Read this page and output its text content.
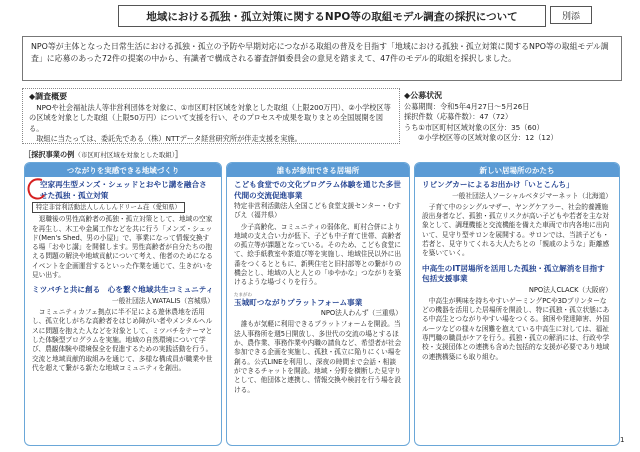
地域における孤独・孤立対策に関するNPO等の取組モデル調査の採択について	別添
NPO等が主体となった日常生活における孤独・孤立の予防や早期対応につながる取組の普及を目指す「地域における孤独・孤立対策に関するNPO等の取組モデル調査」に応募のあった72件の提案の中から、有識者で構成される審査評価委員会の意見を踏まえて、47件のモデル的取組を採択しました。
◆調査概要

NPOや社会福祉法人等非営利団体を対象に、①市区町村区域を対象とした取組（上限200万円）、②小学校区等の区域を対象とした取組（上限50万円）について支援を行い、そのプロセスや成果を取りまとめ全国展開を図る。

取組に当たっては、委託先である（株）NTTデータ経営研究所が伴走支援を実施。

◆公募状況
公募期間：令和5年4月27日～5月26日
採択件数（応募件数）：47（72）
うち①市区町村区域対象の区分：35（60）
②小学校区等の区域対象の区分：12（12）
［採択事業の例（市区町村区域を対象とした取組）］
つながりを実感できる地域づくり
空家再生型メンズ・シェッドとおやじ講を融合させた孤独・孤立対策
特定非営利活動法人しんしんドリーム荘（愛知県）
退職後の男性高齢者の孤独・孤立対策として、地域の空家を再生し、木工や金属工作などを共に行う「メンズ・シェッド(Men's Shed、男の小屋)」で、事業になって情報交換する場「おやじ講」を開催します。男性高齢者が自分たちの抱える問題の解決や地域貢献について考え、他者のためになるイベントを企画運営するといった作業を通じて、生きがいを見い出す。
ミツバチと共に創る　心を繋ぐ地域共生コミュニティ
一般社団法人WATALIS（宮城県）
コミュニティカフェ拠点に半不足による遊休農地を活用し、孤立化しがちな高齢者をはじめ障がい者やメンタルヘルスに問題を抱えた人などを対象として、ミツバチをテーマとした体験型プログラムを実施。地域の自然環境について学び、農観体験や環境保全を促進するための実践活動を行う。交流と地域貢献的取組みを通じて、多様な構成員が職業や世代を超えて繋がる新たな地域コミュニティを創出。
誰もが参加できる居場所
こども食堂での文化プログラム体験を通じた多世代間の交流促進事業
特定非営利活動法人全国こども食堂支援センター・むすびえ（福井県）
少子高齢化、コミュニティの弱体化、町村合併により地域の支え合い力が低下、子ども中子育て世帯、高齢者の孤立等が課題となっている。そのため、こども食堂にて、絵手紙教室や茶道び等を実施し、地域住民以外に出番をつくるとともに、新興住宅と旧村部等との繋がりの機会とし、地域の人と人との「ゆやかな」つながりを築けるような場づくりを行う。
たまがわ
玉城町つながりプラットフォーム事業
NPO法人わんず（三重県）
誰もが気軽に利用できるプラットフォームを開設。当法人事務所を週5日開放し、多世代の交流の場とするほか、農作業、事務作業や内職の請負など、希望者が社会参加できる企画を実施し、孤独・孤立に陥りにくい場を創る。公式LINEを利用し、深夜の時間まで会話・相談ができるチャットを開設。地域・分野を横断した見守りとして、他団体と連携し、情報交換や検討を行う場を設ける。
新しい居場所のかたち
リビングカーによるお出かけ「いとこんち」
一般社団法人ソーシャルベタジマーネット（北海道）
子育て中のシングルマザー、ヤングケアラー、社会的養護施設出身者など、孤独・孤立リスクが高い子どもや若者を主な対象として、調理機能と交流機能を備えた車両で市内各地に出向いて、見守り型サロンを展開する。サロンでは、当該子ども・若者と、見守りてくれる大人たちとの「親戚のような」距離感を築いていく。
中高生のIT居場所を活用した孤独・孤立解消を目指す包括支援事業
NPO法人CLACK（大阪府）
中高生が興味を持ちやすいゲーミングPCや3Dプリンターなどの機器を活用した居場所を開設し、特に孤独・孤立状態にある中高生とつながりやすい場をつくる。貧困や発達障害、外国ルーツなどの様々な困難を抱えている中高生に対しては、福祉専門職の職員がケアを行う。孤独・孤立の解消には、行政や学校・支援団体との連携も含めた包括的な支援が必要であり地域の連携構築にも取り組む。
1
